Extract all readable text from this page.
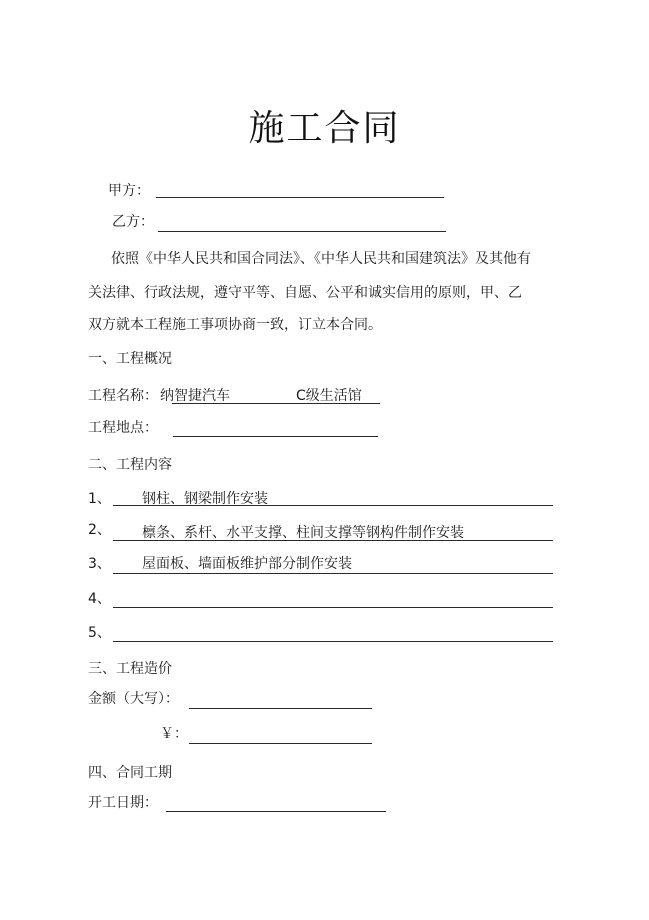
施工合同
甲方：
乙方：
依照《中华人民共和国合同法》、《中华人民共和国建筑法》及其他有
关法律、行政法规，遵守平等、自愿、公平和诚实信用的原则，甲、乙
双方就本工程施工事项协商一致，订立本合同。
一、工程概况
工程名称： 纳智捷汽车	C级生活馆
工程地点：
二、工程内容
1、 钢柱、钢梁制作安装
2、 檩条、系杆、水平支撑、柱间支撑等钢构件制作安装
3、 屋面板、墙面板维护部分制作安装
4、
5、
三、工程造价
金额（大写）：
￥：
四、合同工期
开工日期：
